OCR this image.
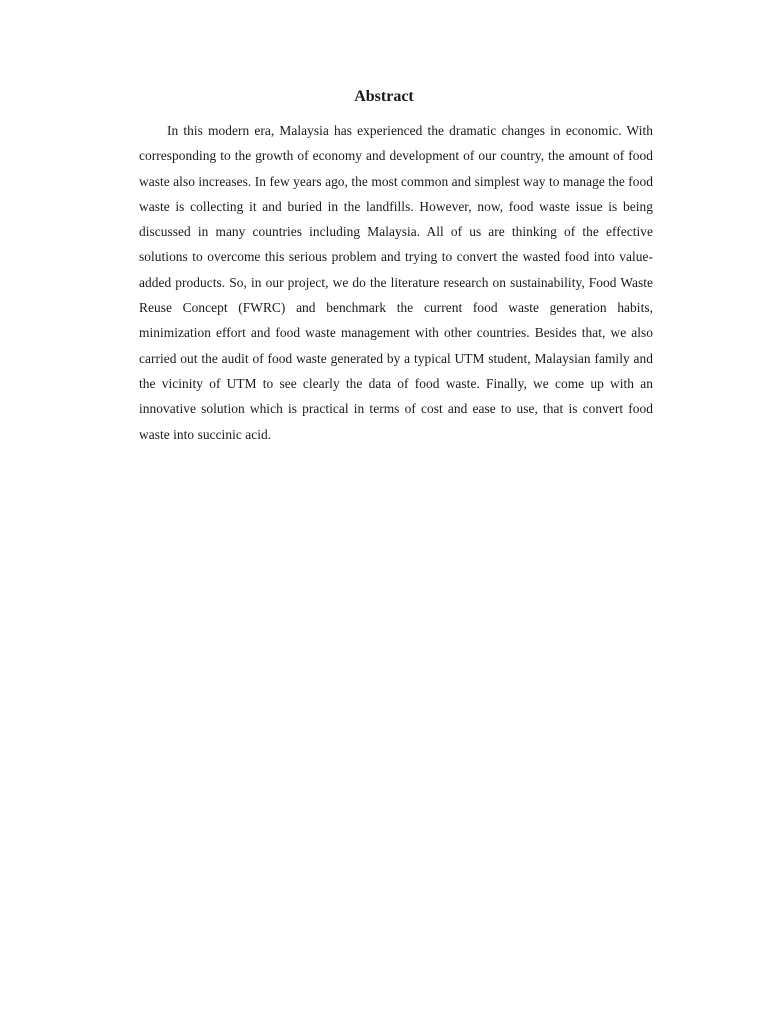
Abstract

In this modern era, Malaysia has experienced the dramatic changes in economic. With corresponding to the growth of economy and development of our country, the amount of food waste also increases. In few years ago, the most common and simplest way to manage the food waste is collecting it and buried in the landfills. However, now, food waste issue is being discussed in many countries including Malaysia. All of us are thinking of the effective solutions to overcome this serious problem and trying to convert the wasted food into value-added products. So, in our project, we do the literature research on sustainability, Food Waste Reuse Concept (FWRC) and benchmark the current food waste generation habits, minimization effort and food waste management with other countries. Besides that, we also carried out the audit of food waste generated by a typical UTM student, Malaysian family and the vicinity of UTM to see clearly the data of food waste. Finally, we come up with an innovative solution which is practical in terms of cost and ease to use, that is convert food waste into succinic acid.
